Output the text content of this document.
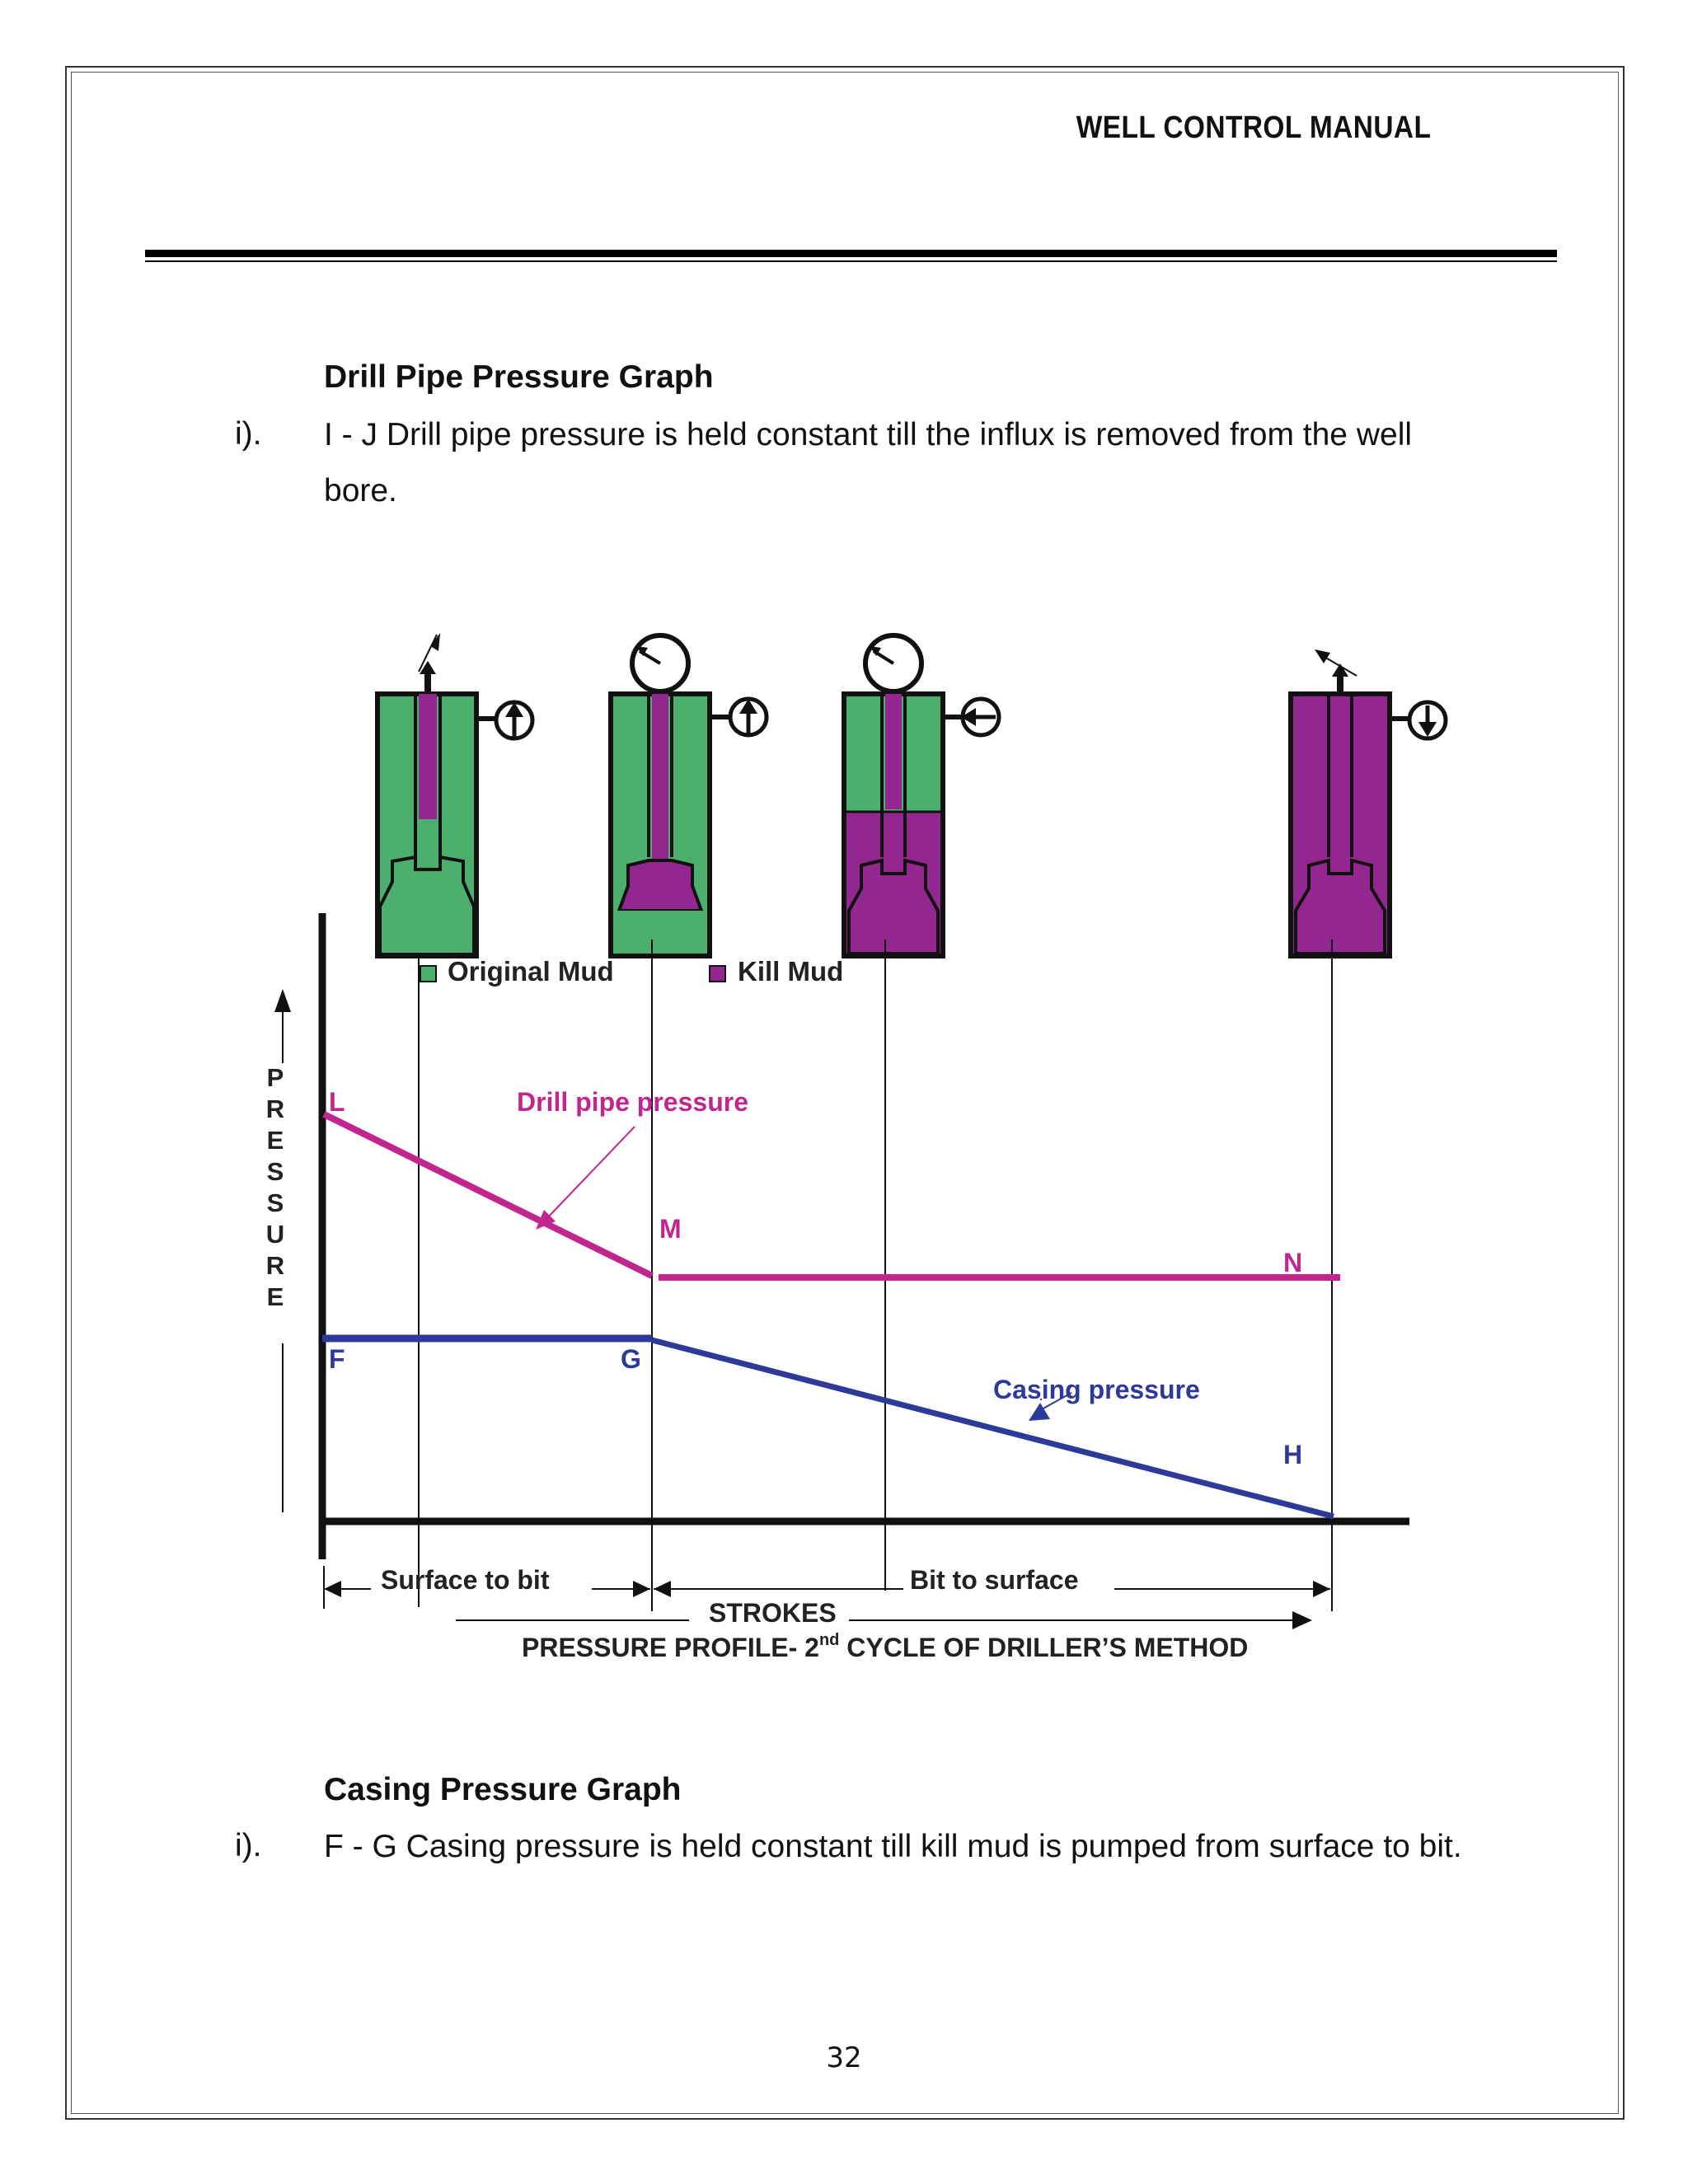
WELL CONTROL MANUAL
Drill Pipe Pressure Graph
i). I - J Drill pipe pressure is held constant till the influx is removed from the well bore.
Original Mud	Kill Mud
P R E S S U R E
L
M
N
F	G
H
Drill pipe pressure
Casing pressure
Surface to bit	Bit to surface
STROKES
PRESSURE PROFILE- 2nd CYCLE OF DRILLER’S METHOD
Casing Pressure Graph
i). F - G Casing pressure is held constant till kill mud is pumped from surface to bit.
32
